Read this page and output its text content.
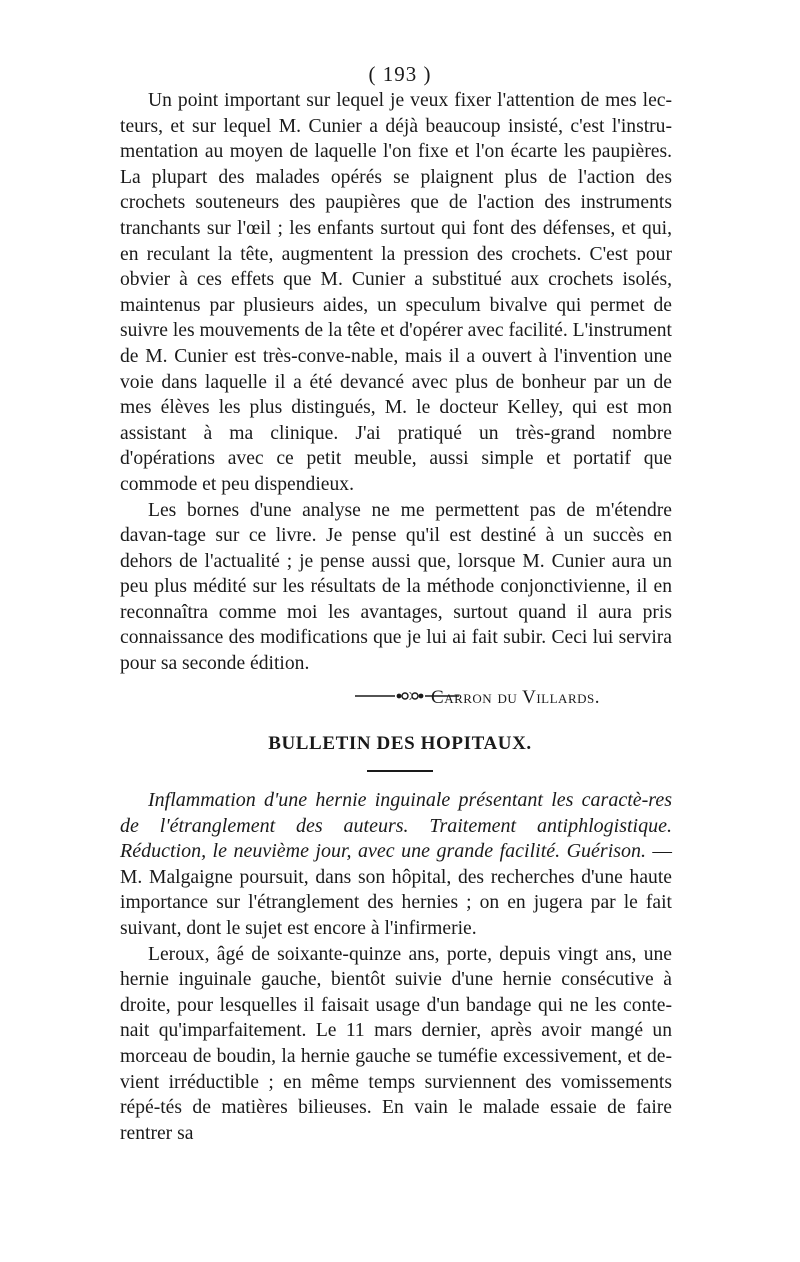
( 193 )

Un point important sur lequel je veux fixer l'attention de mes lec-teurs, et sur lequel M. Cunier a déjà beaucoup insisté, c'est l'instru-mentation au moyen de laquelle l'on fixe et l'on écarte les paupières. La plupart des malades opérés se plaignent plus de l'action des crochets souteneurs des paupières que de l'action des instruments tranchants sur l'œil ; les enfants surtout qui font des défenses, et qui, en reculant la tête, augmentent la pression des crochets. C'est pour obvier à ces effets que M. Cunier a substitué aux crochets isolés, maintenus par plusieurs aides, un speculum bivalve qui permet de suivre les mouvements de la tête et d'opérer avec facilité. L'instrument de M. Cunier est très-conve-nable, mais il a ouvert à l'invention une voie dans laquelle il a été devancé avec plus de bonheur par un de mes élèves les plus distingués, M. le docteur Kelley, qui est mon assistant à ma clinique. J'ai pratiqué un très-grand nombre d'opérations avec ce petit meuble, aussi simple et portatif que commode et peu dispendieux.

Les bornes d'une analyse ne me permettent pas de m'étendre davan-tage sur ce livre. Je pense qu'il est destiné à un succès en dehors de l'actualité ; je pense aussi que, lorsque M. Cunier aura un peu plus médité sur les résultats de la méthode conjonctivienne, il en reconnaîtra comme moi les avantages, surtout quand il aura pris connaissance des modifications que je lui ai fait subir. Ceci lui servira pour sa seconde édition.

Carron du Villards.

BULLETIN DES HOPITAUX.

Inflammation d'une hernie inguinale présentant les caractè-res de l'étranglement des auteurs. Traitement antiphlogistique. Réduction, le neuvième jour, avec une grande facilité. Guérison. — M. Malgaigne poursuit, dans son hôpital, des recherches d'une haute importance sur l'étranglement des hernies ; on en jugera par le fait suivant, dont le sujet est encore à l'infirmerie.

Leroux, âgé de soixante-quinze ans, porte, depuis vingt ans, une hernie inguinale gauche, bientôt suivie d'une hernie consécutive à droite, pour lesquelles il faisait usage d'un bandage qui ne les conte-nait qu'imparfaitement. Le 11 mars dernier, après avoir mangé un morceau de boudin, la hernie gauche se tuméfie excessivement, et de-vient irréductible ; en même temps surviennent des vomissements répé-tés de matières bilieuses. En vain le malade essaie de faire rentrer sa
